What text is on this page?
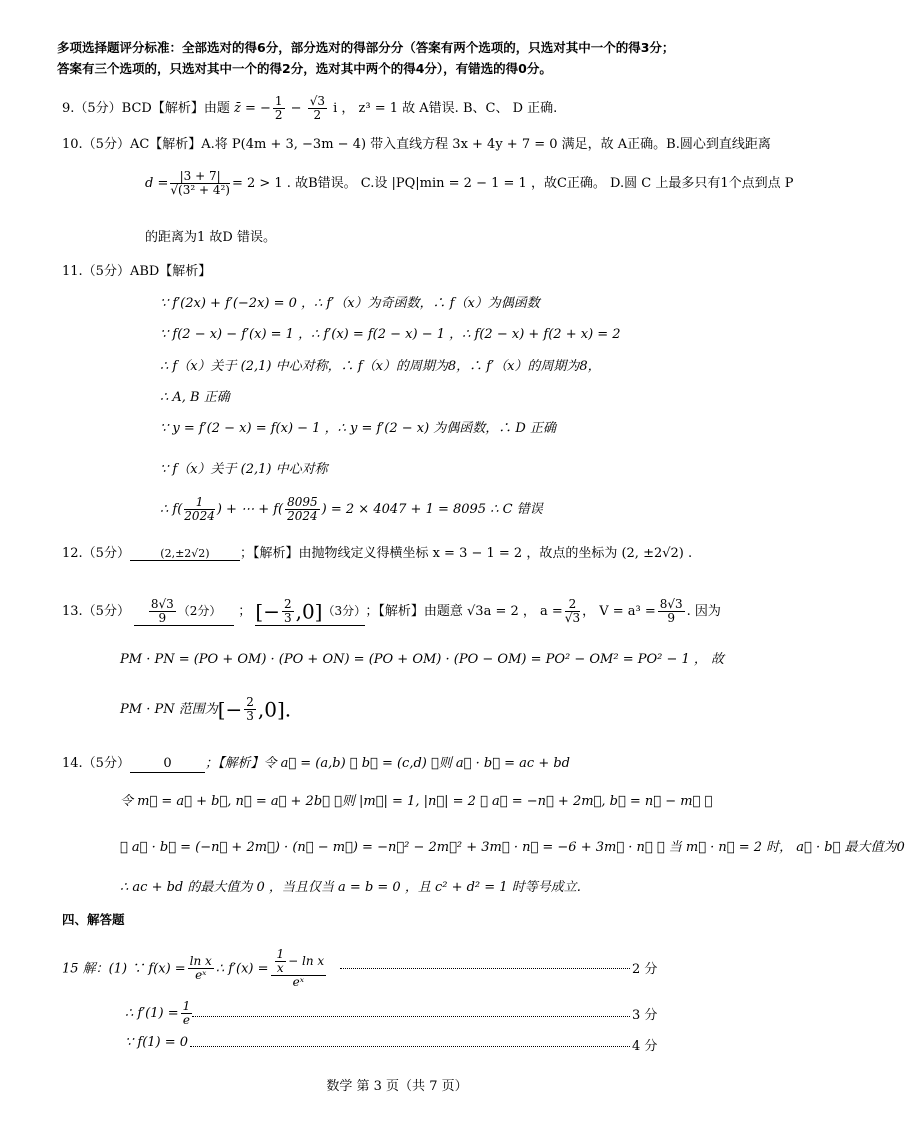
多项选择题评分标准：全部选对的得6分，部分选对的得部分分（答案有两个选项的，只选对其中一个的得3分；
答案有三个选项的，只选对其中一个的得2分，选对其中两个的得4分），有错选的得0分。
9.（5分）BCD【解析】由题 z̄ = − $\frac{1}{2} - \frac{√3}{2}$ i ， z³ = 1 故 A错误. B、C、 D 正确.
10.（5分）AC【解析】A.将 P(4m + 3, −3m − 4) 带入直线方程 3x + 4y + 7 = 0 满足，故 A正确。B.圆心到直线距离
$d = \frac{|3 + 7|}{\text{√(3² + 4²)}} = 2 > 1$ . 故B错误。 C.设 |PQ|min = 2 − 1 = 1 ，故C正确。 D.圆 C 上最多只有1个点到点 P
的距离为1 故D 错误。
11.（5分）ABD【解析】
∵ f′(2x) + f′(−2x) = 0 ，∴ f′（x）为奇函数，∴ f（x）为偶函数
∵ f(2 − x) − f′(x) = 1 ，∴ f′(x) = f(2 − x) − 1 ，∴ f(2 − x) + f(2 + x) = 2
∴ f（x）关于 (2,1) 中心对称，∴ f（x）的周期为8，∴ f′（x）的周期为8，
∴ A, B 正确
∵ y = f′(2 − x) = f(x) − 1 ，∴ y = f′(2 − x) 为偶函数，∴ D 正确
∵ f（x）关于 (2,1) 中心对称
∴ $f( \frac{1}{2024}$ ) + ⋯ + $f( \frac{8095}{2024}$ ) = 2 × 4047 + 1 = 8095 ∴ C 错误
12.（5分）	(2,±2√2) ；【解析】由抛物线定义得横坐标 x = 3 − 1 = 2 ，故点的坐标为 (2, ±2√2) .
13.（5分） $\frac{8√3}{9} (2$分） ； [− $\frac{2}{3} ,0](3$分）；【解析】由题意 √3a = 2 ， $a = \frac{2}{√3}$ ， $V = a^3 = \frac{8√3}{9}$ . 因为
PM · PN = (PO + OM) · (PO + ON) = (PO + OM) · (PO − OM) = PO² − OM² = PO² − 1 ， 故
PM · PN 范围为[− $\frac{2}{3} ,0$].
14.（5分）	0	；【解析】令 a⃗ = (a,b) ， b⃗ = (c,d) ，则 a⃗ · b⃗ = ac + bd
令 m⃗ = a⃗ + b⃗, n⃗ = a⃗ + 2b⃗ ，则 |m⃗| = 1, |n⃗| = 2 ， a⃗ = −n⃗ + 2m⃗, b⃗ = n⃗ − m⃗ ，
∴ a⃗ · b⃗ = (−n⃗ + 2m⃗) · (n⃗ − m⃗) = −n⃗² − 2m⃗² + 3m⃗ · n⃗ = −6 + 3m⃗ · n⃗ ， 当 m⃗ · n⃗ = 2 时， a⃗ · b⃗ 最大值为0
∴ ac + bd 的最大值为 0 ，当且仅当 a = b = 0 ，且 c² + d² = 1 时等号成立.
四、解答题
15 解：(1) ∵ $f(x) = \frac{\text{ln x}}{\text{eˣ}}$ ∴ $f'(x) = \frac{\frac{1}{x} - \ln x}{\text{eˣ}}$	2 分
∴ $f'(1) = \frac{1}{e}$	3 分
∵ f(1) = 0	4 分
数学 第 3 页（共 7 页）
